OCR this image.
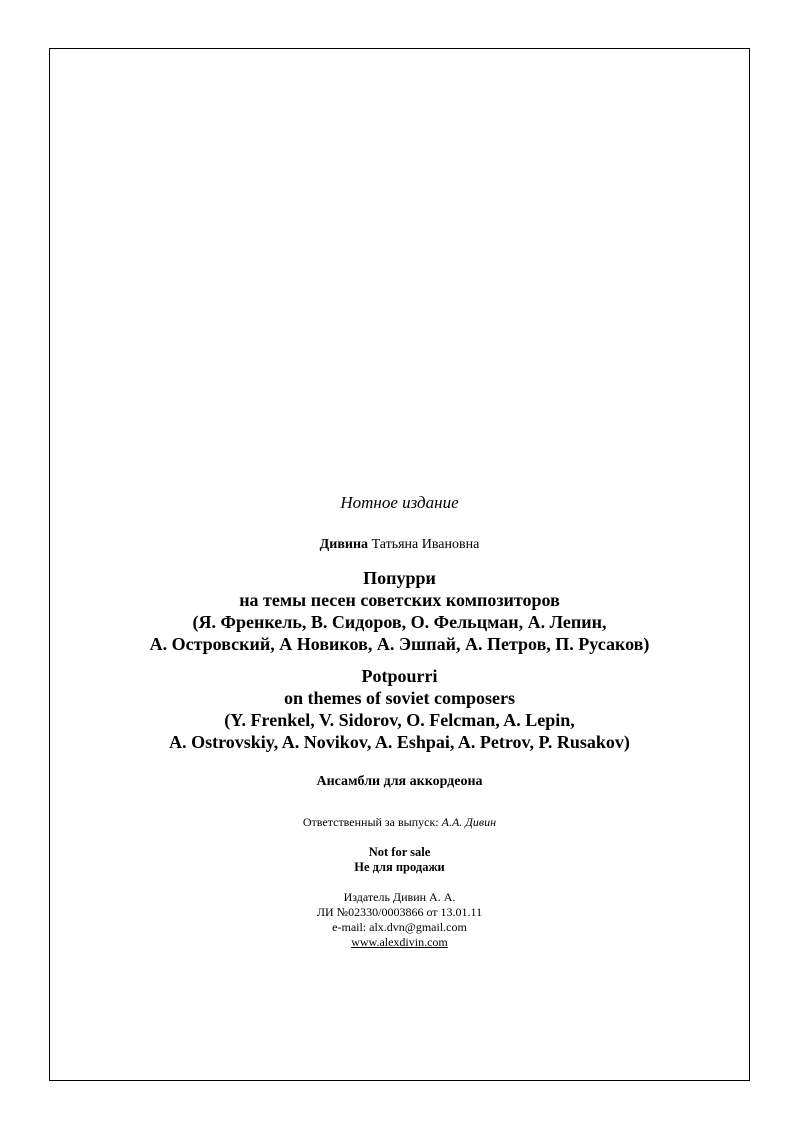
Нотное издание
Дивина Татьяна Ивановна
Попурри
на темы песен советских композиторов
(Я. Френкель, В. Сидоров, О. Фельцман, А. Лепин,
А. Островский, А Новиков, А. Эшпай, А. Петров, П. Русаков)
Potpourri
on themes of soviet composers
(Y. Frenkel, V. Sidorov, O. Felcman, A. Lepin,
A. Ostrovskiy, A. Novikov, A. Eshpai, A. Petrov, P. Rusakov)
Ансамбли для аккордеона
Ответственный за выпуск: А.А. Дивин
Not for sale
Не для продажи
Издатель Дивин А. А.
ЛИ №02330/0003866 от 13.01.11
e-mail: alx.dvn@gmail.com
www.alexdivin.com
